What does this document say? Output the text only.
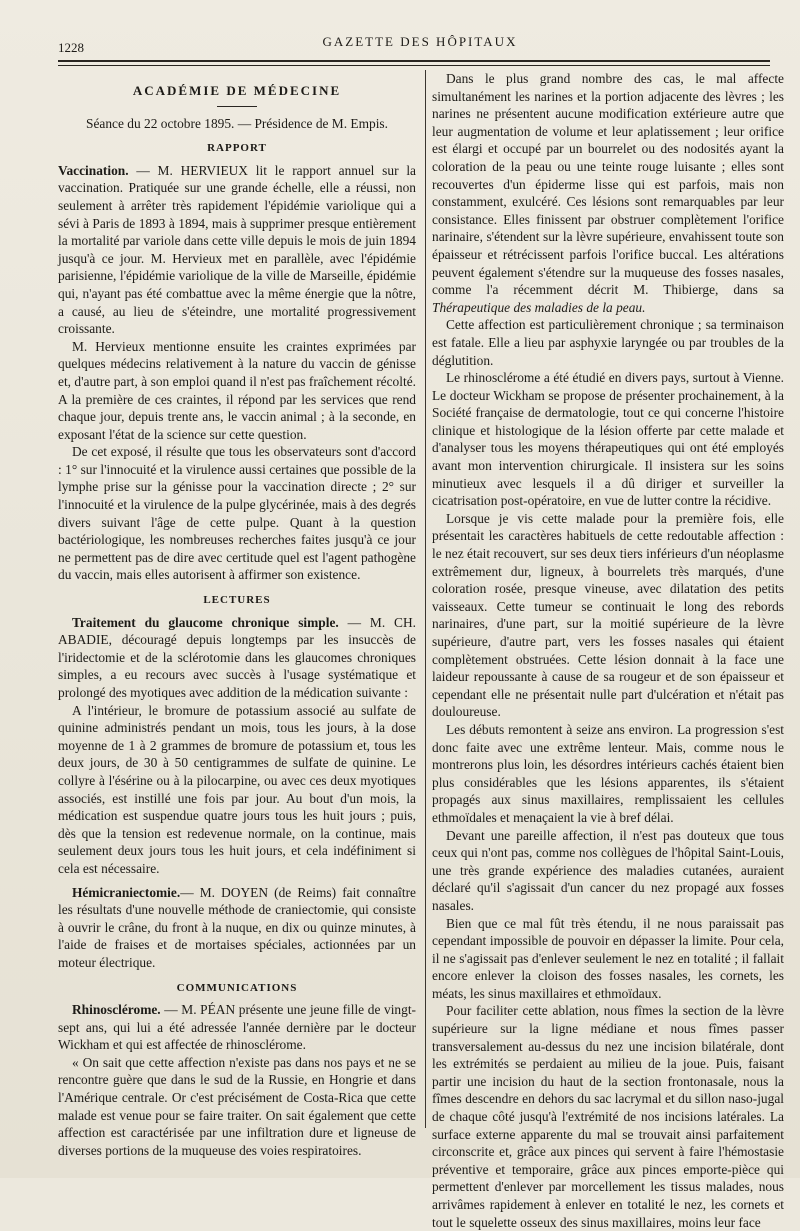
1228	GAZETTE DES HÔPITAUX
ACADÉMIE DE MÉDECINE
Séance du 22 octobre 1895. — Présidence de M. Empis.
RAPPORT

Vaccination. — M. HERVIEUX lit le rapport annuel sur la vaccination. Pratiquée sur une grande échelle, elle a réussi, non seulement à arrêter très rapidement l'épidémie variolique qui a sévi à Paris de 1893 à 1894, mais à supprimer presque entièrement la mortalité par variole dans cette ville depuis le mois de juin 1894 jusqu'à ce jour. M. Hervieux met en parallèle, avec l'épidémie parisienne, l'épidémie variolique de la ville de Marseille, épidémie qui, n'ayant pas été combattue avec la même énergie que la nôtre, a causé, au lieu de s'éteindre, une mortalité progressivement croissante.

M. Hervieux mentionne ensuite les craintes exprimées par quelques médecins relativement à la nature du vaccin de génisse et, d'autre part, à son emploi quand il n'est pas fraîchement récolté. A la première de ces craintes, il répond par les services que rend chaque jour, depuis trente ans, le vaccin animal ; à la seconde, en exposant l'état de la science sur cette question.

De cet exposé, il résulte que tous les observateurs sont d'accord : 1° sur l'innocuité et la virulence aussi certaines que possible de la lymphe prise sur la génisse pour la vaccination directe ; 2° sur l'innocuité et la virulence de la pulpe glycérinée, mais à des degrés divers suivant l'âge de cette pulpe. Quant à la question bactériologique, les nombreuses recherches faites jusqu'à ce jour ne permettent pas de dire avec certitude quel est l'agent pathogène du vaccin, mais elles autorisent à affirmer son existence.

LECTURES

Traitement du glaucome chronique simple. — M. CH. ABADIE, découragé depuis longtemps par les insuccès de l'iridectomie et de la sclérotomie dans les glaucomes chroniques simples, a eu recours avec succès à l'usage systématique et prolongé des myotiques avec addition de la médication suivante :

A l'intérieur, le bromure de potassium associé au sulfate de quinine administrés pendant un mois, tous les jours, à la dose moyenne de 1 à 2 grammes de bromure de potassium et, tous les deux jours, de 30 à 50 centigrammes de sulfate de quinine. Le collyre à l'ésérine ou à la pilocarpine, ou avec ces deux myotiques associés, est instillé une fois par jour. Au bout d'un mois, la médication est suspendue quatre jours tous les huit jours ; puis, dès que la tension est redevenue normale, on la continue, mais seulement deux jours tous les huit jours, et cela indéfiniment si cela est nécessaire.

Hémicraniectomie.— M. DOYEN (de Reims) fait connaître les résultats d'une nouvelle méthode de craniectomie, qui consiste à ouvrir le crâne, du front à la nuque, en dix ou quinze minutes, à l'aide de fraises et de mortaises spéciales, actionnées par un moteur électrique.

COMMUNICATIONS

Rhinosclérome. — M. PÉAN présente une jeune fille de vingt-sept ans, qui lui a été adressée l'année dernière par le docteur Wickham et qui est affectée de rhinosclérome.

« On sait que cette affection n'existe pas dans nos pays et ne se rencontre guère que dans le sud de la Russie, en Hongrie et dans l'Amérique centrale. Or c'est précisément de Costa-Rica que cette malade est venue pour se faire traiter. On sait également que cette affection est caractérisée par une infiltration dure et ligneuse de diverses portions de la muqueuse des voies respiratoires.

Dans le plus grand nombre des cas, le mal affecte simultanément les narines et la portion adjacente des lèvres ; les narines ne présentent aucune modification extérieure autre que leur augmentation de volume et leur aplatissement ; leur orifice est élargi et occupé par un bourrelet ou des nodosités ayant la coloration de la peau ou une teinte rouge luisante ; elles sont recouvertes d'un épiderme lisse qui est parfois, mais non constamment, exulcéré. Ces lésions sont remarquables par leur consistance. Elles finissent par obstruer complètement l'orifice narinaire, s'étendent sur la lèvre supérieure, envahissent toute son épaisseur et rétrécissent parfois l'orifice buccal. Les altérations peuvent également s'étendre sur la muqueuse des fosses nasales, comme l'a récemment décrit M. Thibierge, dans sa Thérapeutique des maladies de la peau.

Cette affection est particulièrement chronique ; sa terminaison est fatale. Elle a lieu par asphyxie laryngée ou par troubles de la déglutition.

Le rhinosclérome a été étudié en divers pays, surtout à Vienne. Le docteur Wickham se propose de présenter prochainement, à la Société française de dermatologie, tout ce qui concerne l'histoire clinique et histologique de la lésion offerte par cette malade et d'analyser tous les moyens thérapeutiques qui ont été employés avant mon intervention chirurgicale. Il insistera sur les soins minutieux avec lesquels il a dû diriger et surveiller la cicatrisation post-opératoire, en vue de lutter contre la récidive.

Lorsque je vis cette malade pour la première fois, elle présentait les caractères habituels de cette redoutable affection : le nez était recouvert, sur ses deux tiers inférieurs d'un néoplasme extrêmement dur, ligneux, à bourrelets très marqués, d'une coloration rosée, presque vineuse, avec dilatation des petits vaisseaux. Cette tumeur se continuait le long des rebords narinaires, d'une part, sur la moitié supérieure de la lèvre supérieure, d'autre part, vers les fosses nasales qui étaient complètement obstruées. Cette lésion donnait à la face une laideur repoussante à cause de sa rougeur et de son épaisseur et cependant elle ne présentait nulle part d'ulcération et n'était pas douloureuse.

Les débuts remontent à seize ans environ. La progression s'est donc faite avec une extrême lenteur. Mais, comme nous le montrerons plus loin, les désordres intérieurs cachés étaient bien plus considérables que les lésions apparentes, ils s'étaient propagés aux sinus maxillaires, remplissaient les cellules ethmoïdales et menaçaient la vie à bref délai.

Devant une pareille affection, il n'est pas douteux que tous ceux qui n'ont pas, comme nos collègues de l'hôpital Saint-Louis, une très grande expérience des maladies cutanées, auraient déclaré qu'il s'agissait d'un cancer du nez propagé aux fosses nasales.

Bien que ce mal fût très étendu, il ne nous paraissait pas cependant impossible de pouvoir en dépasser la limite. Pour cela, il ne s'agissait pas d'enlever seulement le nez en totalité ; il fallait encore enlever la cloison des fosses nasales, les cornets, les méats, les sinus maxillaires et ethmoïdaux.

Pour faciliter cette ablation, nous fîmes la section de la lèvre supérieure sur la ligne médiane et nous fîmes passer transversalement au-dessus du nez une incision bilatérale, dont les extrémités se perdaient au milieu de la joue. Puis, faisant partir une incision du haut de la section frontonasale, nous la fîmes descendre en dehors du sac lacrymal et du sillon naso-jugal de chaque côté jusqu'à l'extrémité de nos incisions latérales. La surface externe apparente du mal se trouvait ainsi parfaitement circonscrite et, grâce aux pinces qui servent à faire l'hémostasie préventive et temporaire, grâce aux pinces emporte-pièce qui permettent d'enlever par morcellement les tissus malades, nous arrivâmes rapidement à enlever en totalité le nez, les cornets et tout le squelette osseux des sinus maxillaires, moins leur face
